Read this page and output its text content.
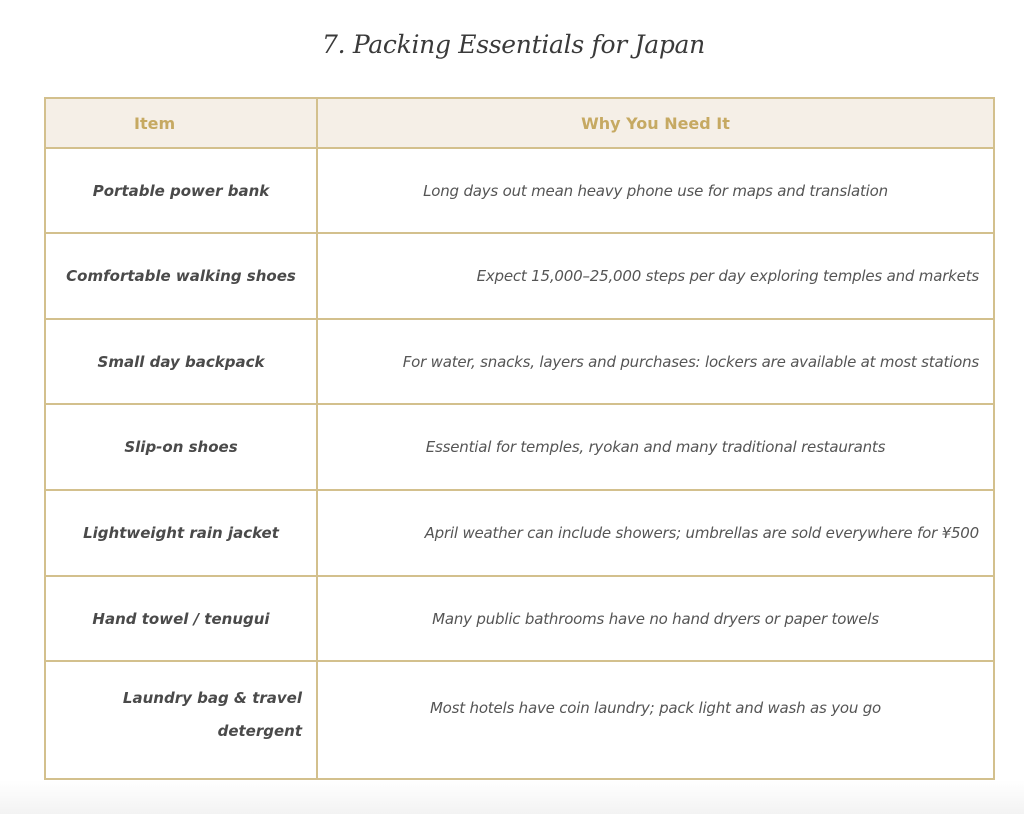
7. Packing Essentials for Japan
Item	Why You Need It
Portable power bank	Long days out mean heavy phone use for maps and translation
Comfortable walking shoes	Expect 15,000–25,000 steps per day exploring temples and markets
Small day backpack	For water, snacks, layers and purchases: lockers are available at most stations
Slip-on shoes	Essential for temples, ryokan and many traditional restaurants
Lightweight rain jacket	April weather can include showers; umbrellas are sold everywhere for ¥500
Hand towel / tenugui	Many public bathrooms have no hand dryers or paper towels
Laundry bag & travel detergent	Most hotels have coin laundry; pack light and wash as you go
